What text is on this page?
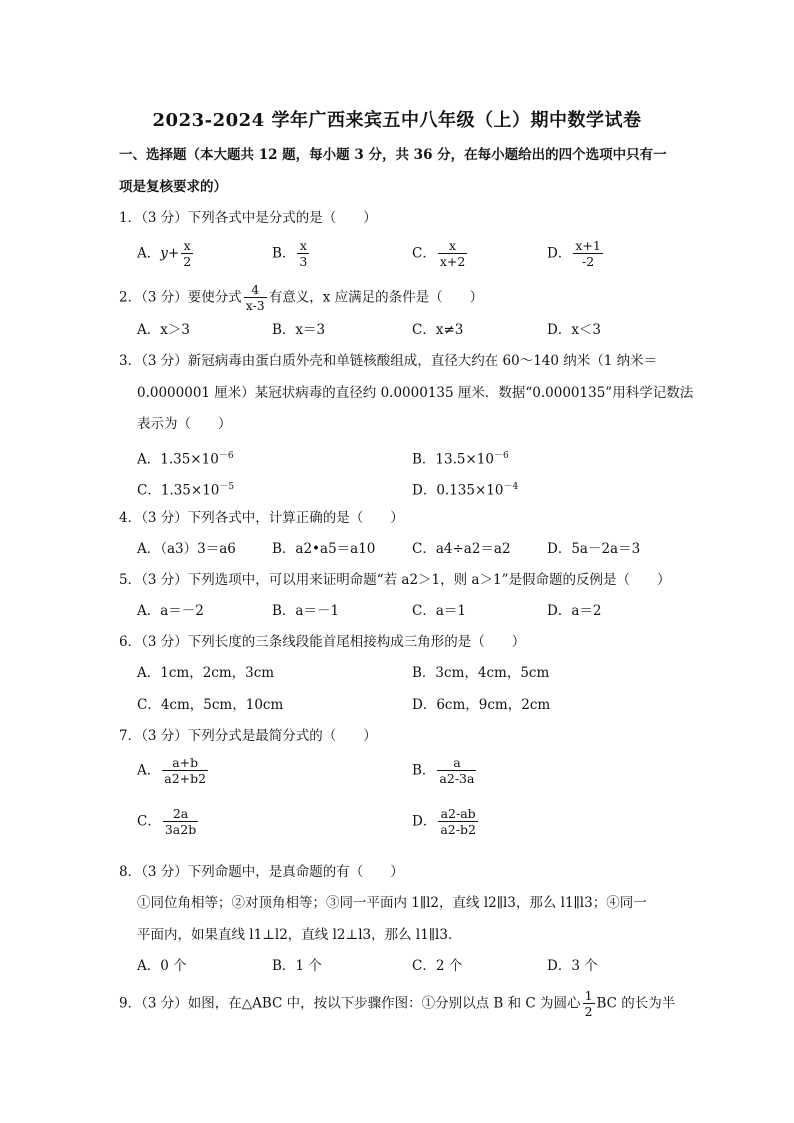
2023-2024 学年广西来宾五中八年级（上）期中数学试卷
一、选择题（本大题共 12 题，每小题 3 分，共 36 分，在每小题给出的四个选项中只有一
项是复核要求的）
1．（3 分）下列各式中是分式的是（　　）
A．$y+ \frac{x}{2}$	B． $\frac{x}{3}$	C． $\frac{x}{x+2}$	D． $\frac{x+1}{-2}$
2．（3 分）要使分式 $\frac{4}{x-3}$ 有意义，x 应满足的条件是（　　）
A．x＞3	B．x＝3	C．x≠3	D．x＜3
3．（3 分）新冠病毒由蛋白质外壳和单链核酸组成，直径大约在 60～140 纳米（1 纳米＝
0.0000001 厘米）某冠状病毒的直径约 0.0000135 厘米．数据“0.0000135”用科学记数法
表示为（　　）
A．$1.35\times 10^{-6}$	B．$13.5\times 10^{-6}$
C．$1.35\times 10^{-5}$	D．$0.135\times 10^{-4}$
4．（3 分）下列各式中，计算正确的是（　　）
A．（a3）3＝a6	B．a2•a5＝a10	C．a4÷a2＝a2	D．5a－2a＝3
5．（3 分）下列选项中，可以用来证明命题“若 a2＞1，则 a＞1”是假命题的反例是（　　）
A．a＝－2	B．a＝－1	C．a＝1	D．a＝2
6．（3 分）下列长度的三条线段能首尾相接构成三角形的是（　　）
A．1cm，2cm，3cm	B．3cm，4cm，5cm
C．4cm，5cm，10cm	D．6cm，9cm，2cm
7．（3 分）下列分式是最简分式的（　　）
A． $\frac{a+b}{a2+b2}$	B． $\frac{a}{a2-3a}$
C． $\frac{2a}{3a2b}$	D． $\frac{a2-ab}{a2-b2}$
8．（3 分）下列命题中，是真命题的有（　　）
①同位角相等；②对顶角相等；③同一平面内 1∥l2，直线 l2∥l3，那么 l1∥l3；④同一
平面内，如果直线 l1⊥l2，直线 l2⊥l3，那么 l1∥l3．
A．0 个	B．1 个	C．2 个	D．3 个
9．（3 分）如图，在△ABC 中，按以下步骤作图：①分别以点 B 和 C 为圆心 $\frac{1}{2}$ BC 的长为半
